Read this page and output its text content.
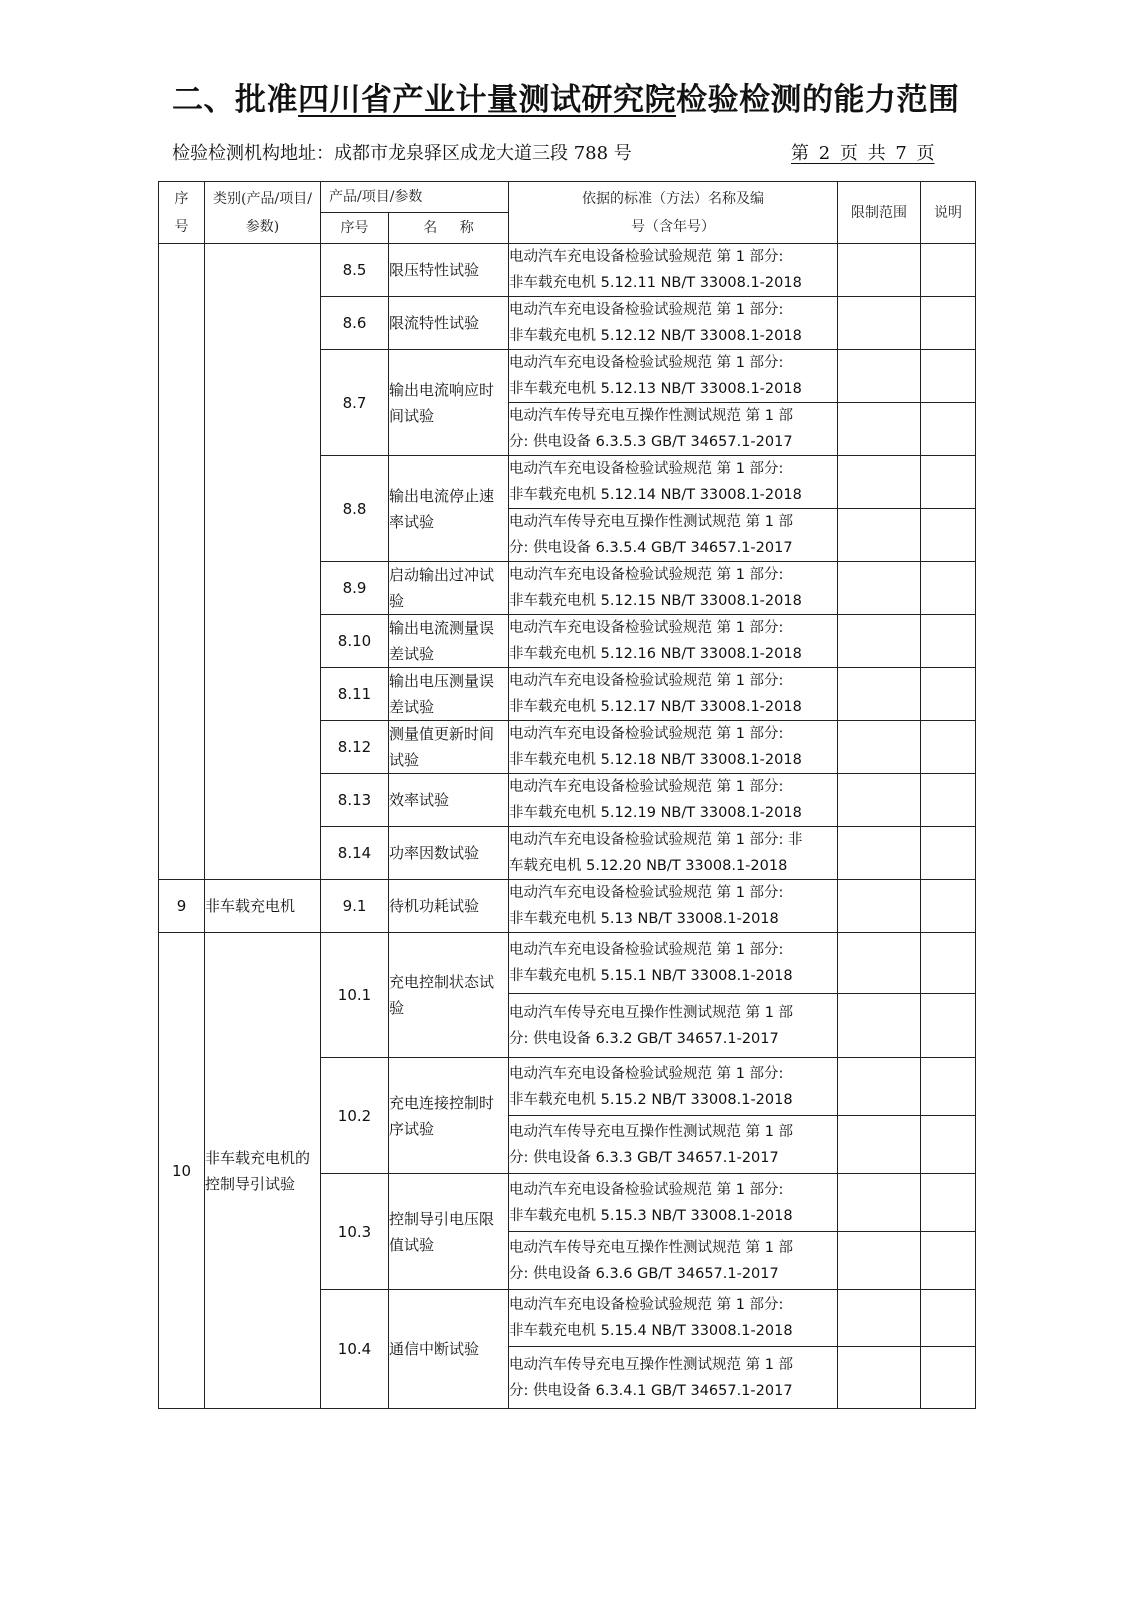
二、批准四川省产业计量测试研究院检验检测的能力范围
检验检测机构地址：成都市龙泉驿区成龙大道三段 788 号	第 2 页 共 7 页
序号	类别(产品/项目/参数)	产品/项目/参数		依据的标准（方法）名称及编号（含年号）	限制范围	说明
		序号	名 称			
		8.5	限压特性试验	电动汽车充电设备检验试验规范 第 1 部分:
非车载充电机 5.12.11 NB/T 33008.1-2018		

		8.6	限流特性试验	电动汽车充电设备检验试验规范 第 1 部分:
非车载充电机 5.12.12 NB/T 33008.1-2018		

		8.7	输出电流响应时间试验	电动汽车充电设备检验试验规范 第 1 部分:
非车载充电机 5.12.13 NB/T 33008.1-2018		

				电动汽车传导充电互操作性测试规范 第 1 部
分: 供电设备 6.3.5.3 GB/T 34657.1-2017		

		8.8	输出电流停止速率试验	电动汽车充电设备检验试验规范 第 1 部分:
非车载充电机 5.12.14 NB/T 33008.1-2018		

				电动汽车传导充电互操作性测试规范 第 1 部
分: 供电设备 6.3.5.4 GB/T 34657.1-2017		

		8.9	启动输出过冲试验	电动汽车充电设备检验试验规范 第 1 部分:
非车载充电机 5.12.15 NB/T 33008.1-2018		

		8.10	输出电流测量误差试验	电动汽车充电设备检验试验规范 第 1 部分:
非车载充电机 5.12.16 NB/T 33008.1-2018		

		8.11	输出电压测量误差试验	电动汽车充电设备检验试验规范 第 1 部分:
非车载充电机 5.12.17 NB/T 33008.1-2018		

		8.12	测量值更新时间试验	电动汽车充电设备检验试验规范 第 1 部分:
非车载充电机 5.12.18 NB/T 33008.1-2018		

		8.13	效率试验	电动汽车充电设备检验试验规范 第 1 部分:
非车载充电机 5.12.19 NB/T 33008.1-2018		

		8.14	功率因数试验	电动汽车充电设备检验试验规范 第 1 部分: 非
车载充电机 5.12.20 NB/T 33008.1-2018		

9	非车载充电机	9.1	待机功耗试验	电动汽车充电设备检验试验规范 第 1 部分:
非车载充电机 5.13 NB/T 33008.1-2018		

10	非车载充电机的控制导引试验	10.1	充电控制状态试验	电动汽车充电设备检验试验规范 第 1 部分:
非车载充电机 5.15.1 NB/T 33008.1-2018		

				电动汽车传导充电互操作性测试规范 第 1 部
分: 供电设备 6.3.2 GB/T 34657.1-2017		

		10.2	充电连接控制时序试验	电动汽车充电设备检验试验规范 第 1 部分:
非车载充电机 5.15.2 NB/T 33008.1-2018		

				电动汽车传导充电互操作性测试规范 第 1 部
分: 供电设备 6.3.3 GB/T 34657.1-2017		

		10.3	控制导引电压限值试验	电动汽车充电设备检验试验规范 第 1 部分:
非车载充电机 5.15.3 NB/T 33008.1-2018		

				电动汽车传导充电互操作性测试规范 第 1 部
分: 供电设备 6.3.6 GB/T 34657.1-2017		

		10.4	通信中断试验	电动汽车充电设备检验试验规范 第 1 部分:
非车载充电机 5.15.4 NB/T 33008.1-2018		

				电动汽车传导充电互操作性测试规范 第 1 部
分: 供电设备 6.3.4.1 GB/T 34657.1-2017		
